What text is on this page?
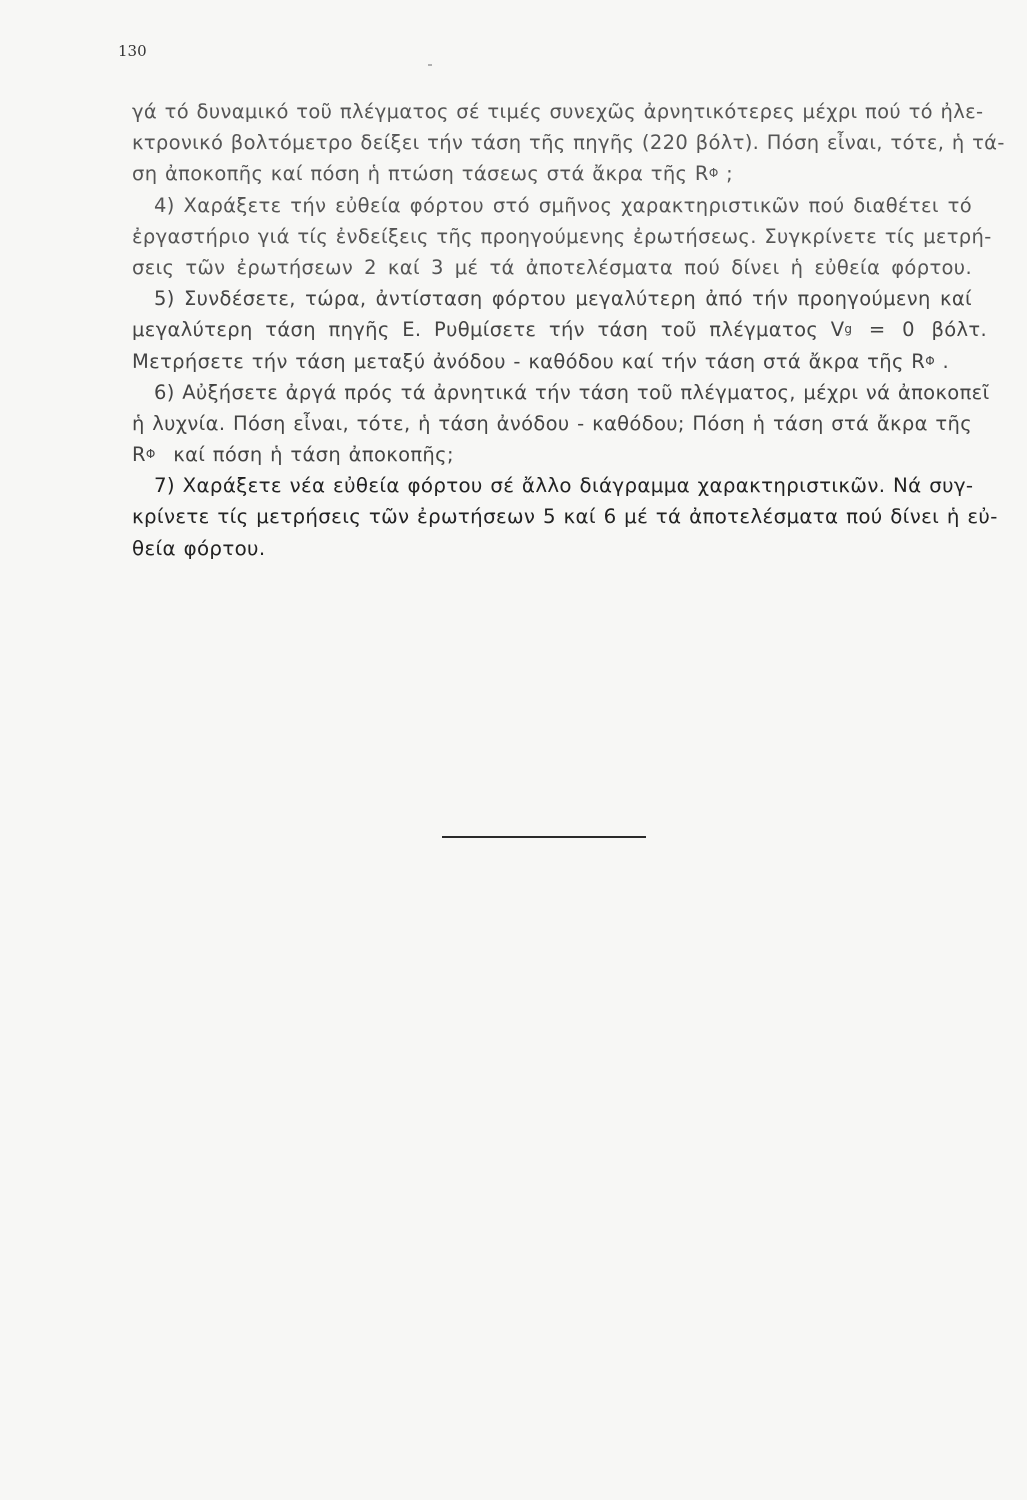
130
γά τό δυναμικό τοῦ πλέγματος σέ τιμές συνεχῶς ἀρνητικότερες μέχρι πού τό ἠλε-
κτρονικό βολτόμετρο δείξει τήν τάση τῆς πηγῆς (220 βόλτ). Πόση εἶναι, τότε, ἡ τά-
ση ἀποκοπῆς καί πόση ἡ πτώση τάσεως στά ἄκρα τῆς R Φ ;
4) Χαράξετε τήν εὐθεία φόρτου στό σμῆνος χαρακτηριστικῶν πού διαθέτει τό
ἐργαστήριο γιά τίς ἐνδείξεις τῆς προηγούμενης ἐρωτήσεως. Συγκρίνετε τίς μετρή-
σεις τῶν ἐρωτήσεων 2 καί 3 μέ τά ἀποτελέσματα πού δίνει ἡ εὐθεία φόρτου.
5) Συνδέσετε, τώρα, ἀντίσταση φόρτου μεγαλύτερη ἀπό τήν προηγούμενη καί
μεγαλύτερη τάση πηγῆς Ε. Ρυθμίσετε τήν τάση τοῦ πλέγματος V g = 0 βόλτ.
Μετρήσετε τήν τάση μεταξύ ἀνόδου - καθόδου καί τήν τάση στά ἄκρα τῆς R Φ .
6) Αὐξήσετε ἀργά πρός τά ἀρνητικά τήν τάση τοῦ πλέγματος, μέχρι νά ἀποκοπεῖ
ἡ λυχνία. Πόση εἶναι, τότε, ἡ τάση ἀνόδου - καθόδου; Πόση ἡ τάση στά ἄκρα τῆς
R Φ καί πόση ἡ τάση ἀποκοπῆς;
7) Χαράξετε νέα εὐθεία φόρτου σέ ἄλλο διάγραμμα χαρακτηριστικῶν. Νά συγ-
κρίνετε τίς μετρήσεις τῶν ἐρωτήσεων 5 καί 6 μέ τά ἀποτελέσματα πού δίνει ἡ εὐ-
θεία φόρτου.
